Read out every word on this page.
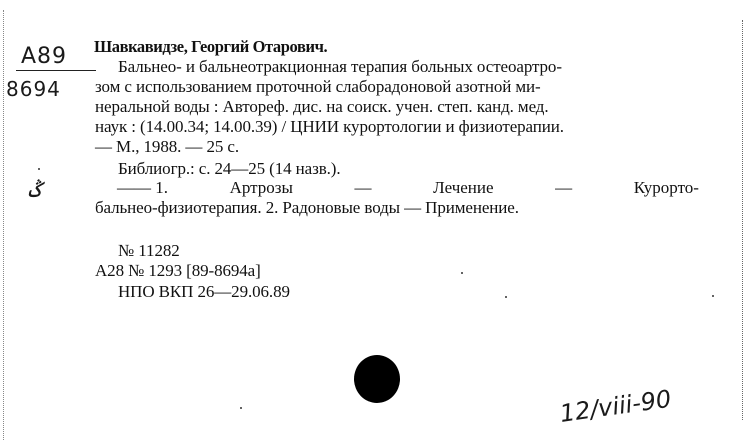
А89
8694
Шавкавидзе, Георгий Отарович.
Бальнео- и бальнеотракционная терапия больных остеоартро-
зом с использованием проточной слаборадоновой азотной ми-
неральной воды : Автореф. дис. на соиск. учен. степ. канд. мед.
наук : (14.00.34; 14.00.39) / ЦНИИ курортологии и физиотерапии.
— М., 1988. — 25 с.
Библиогр.: с. 24—25 (14 назв.).
ݣ	—— 1.	Артрозы	—	Лечение	—	Курорто-
бальнео-физиотерапия. 2. Радоновые воды — Применение.
№ 11282
А28 № 1293 [89-8694а]
НПО ВКП 26—29.06.89
12/viii-90
